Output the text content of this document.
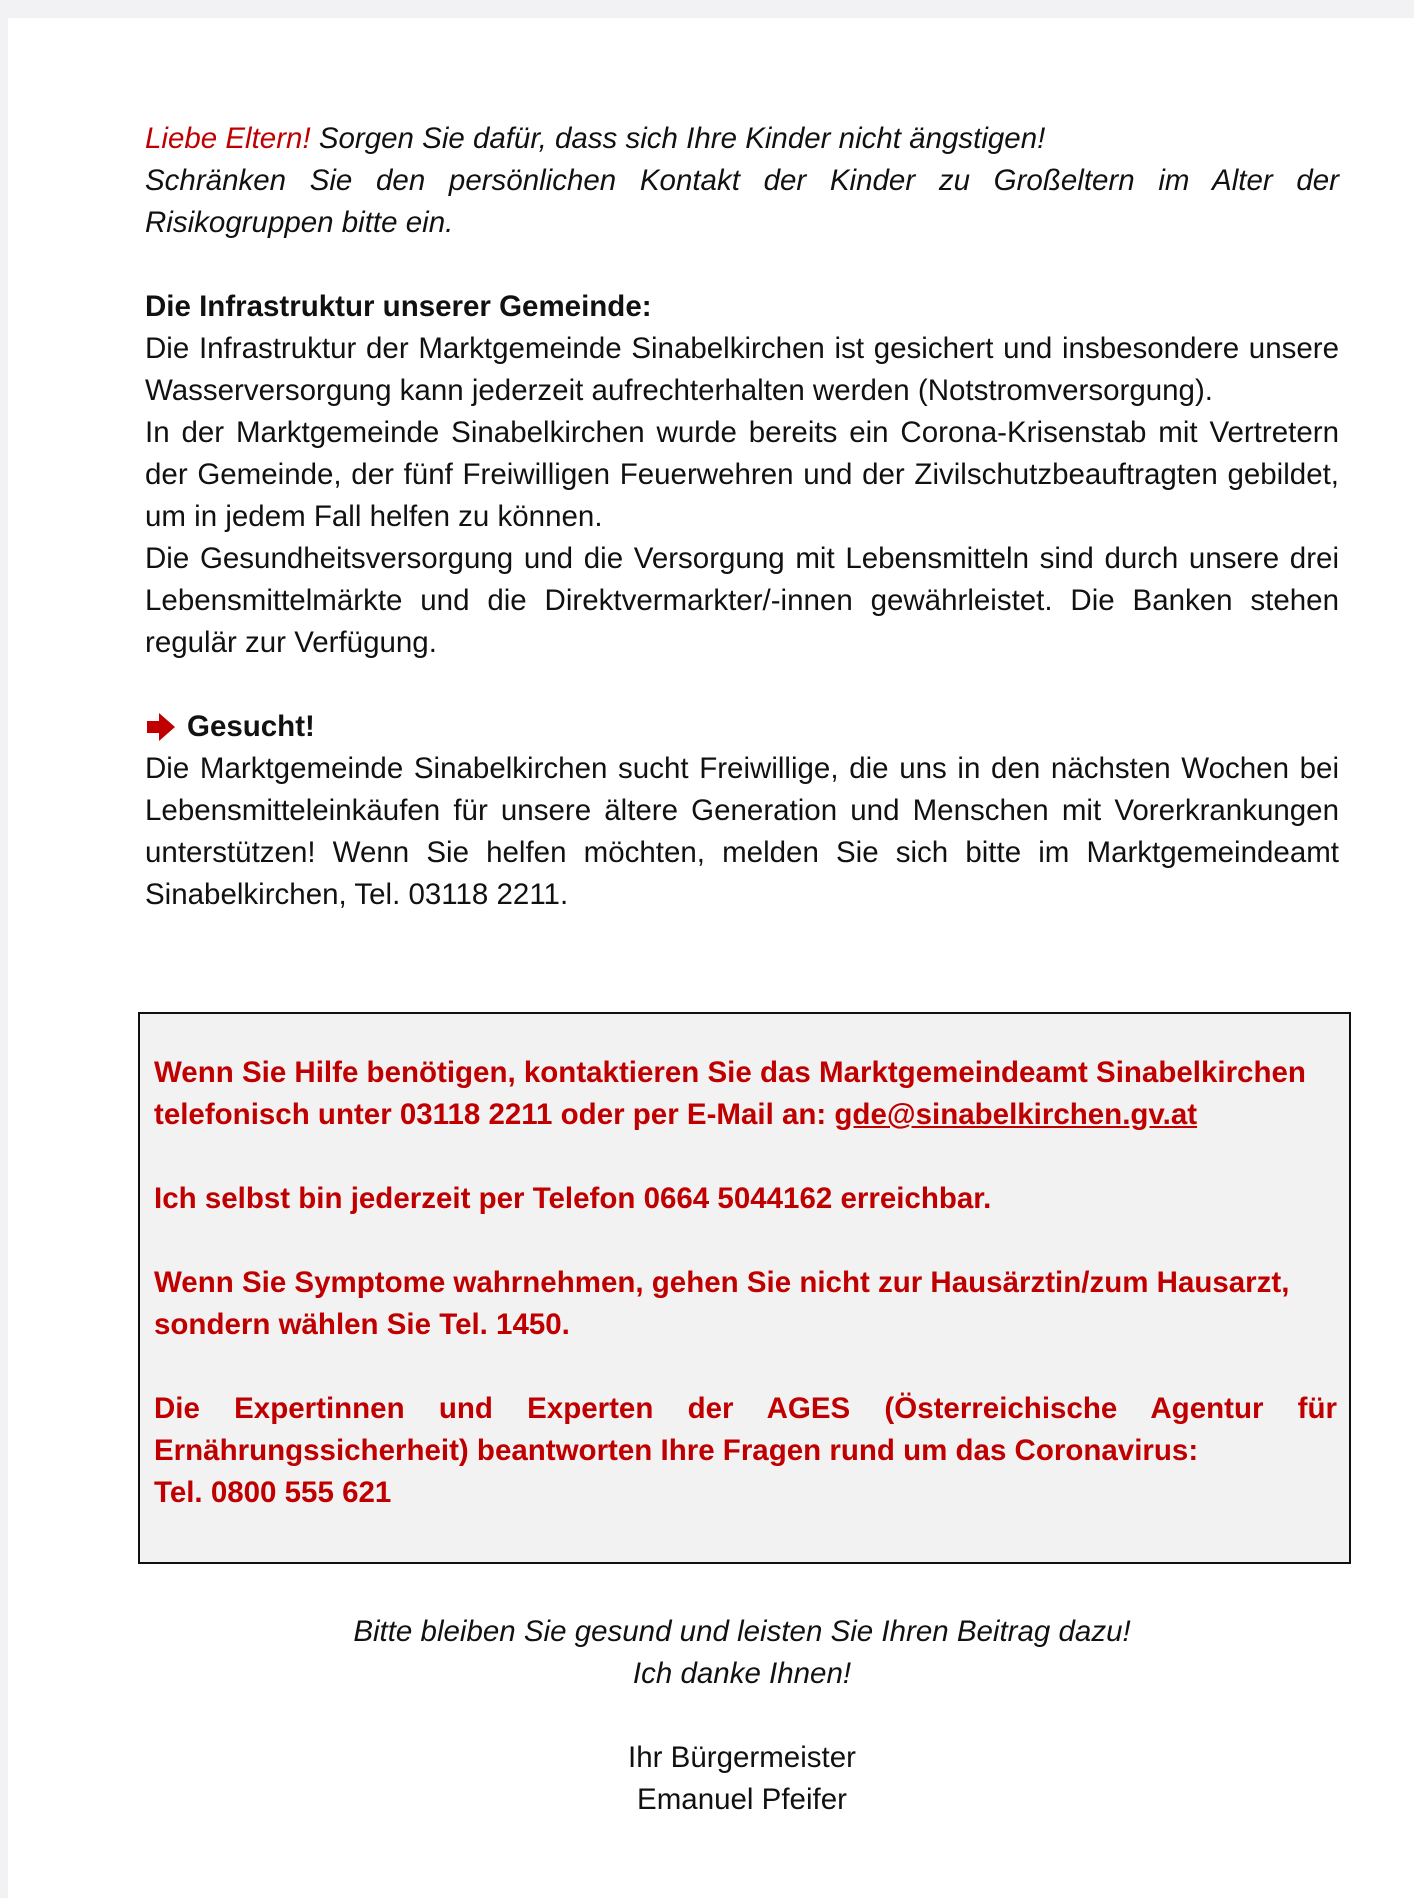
Liebe Eltern! Sorgen Sie dafür, dass sich Ihre Kinder nicht ängstigen!
Schränken Sie den persönlichen Kontakt der Kinder zu Großeltern im Alter der Risikogruppen bitte ein.

Die Infrastruktur unserer Gemeinde:

Die Infrastruktur der Marktgemeinde Sinabelkirchen ist gesichert und insbesondere unsere Wasserversorgung kann jederzeit aufrechterhalten werden (Notstromversorgung).

In der Marktgemeinde Sinabelkirchen wurde bereits ein Corona-Krisenstab mit Vertretern der Gemeinde, der fünf Freiwilligen Feuerwehren und der Zivilschutzbeauftragten gebildet, um in jedem Fall helfen zu können.

Die Gesundheitsversorgung und die Versorgung mit Lebensmitteln sind durch unsere drei Lebensmittelmärkte und die Direktvermarkter/-innen gewährleistet. Die Banken stehen regulär zur Verfügung.

Gesucht!

Die Marktgemeinde Sinabelkirchen sucht Freiwillige, die uns in den nächsten Wochen bei Lebensmitteleinkäufen für unsere ältere Generation und Menschen mit Vorerkrankungen unterstützen! Wenn Sie helfen möchten, melden Sie sich bitte im Marktgemeindeamt Sinabelkirchen, Tel. 03118 2211.

Wenn Sie Hilfe benötigen, kontaktieren Sie das Marktgemeindeamt Sinabelkirchen
telefonisch unter 03118 2211 oder per E-Mail an: gde@sinabelkirchen.gv.at

Ich selbst bin jederzeit per Telefon 0664 5044162 erreichbar.

Wenn Sie Symptome wahrnehmen, gehen Sie nicht zur Hausärztin/zum Hausarzt,
sondern wählen Sie Tel. 1450.

Die Expertinnen und Experten der AGES (Österreichische Agentur für

Ernährungssicherheit) beantworten Ihre Fragen rund um das Coronavirus:

Tel. 0800 555 621

Bitte bleiben Sie gesund und leisten Sie Ihren Beitrag dazu!
Ich danke Ihnen!
Ihr Bürgermeister
Emanuel Pfeifer
